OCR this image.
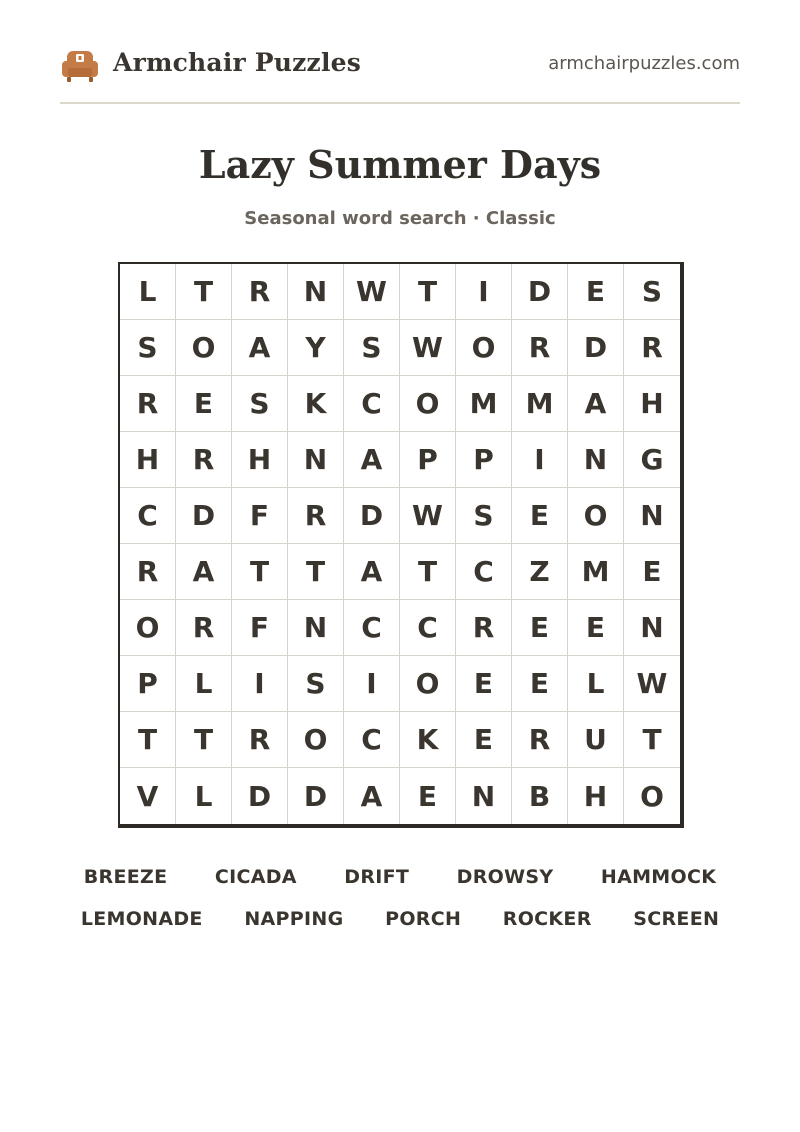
Armchair Puzzles	armchairpuzzles.com
Lazy Summer Days
Seasonal word search · Classic
L	T	R	N	W	T	I	D	E	S
S	O	A	Y	S	W	O	R	D	R
R	E	S	K	C	O	M	M	A	H
H	R	H	N	A	P	P	I	N	G
C	D	F	R	D	W	S	E	O	N
R	A	T	T	A	T	C	Z	M	E
O	R	F	N	C	C	R	E	E	N
P	L	I	S	I	O	E	E	L	W
T	T	R	O	C	K	E	R	U	T
V	L	D	D	A	E	N	B	H	O
BREEZE CICADA DRIFT DROWSY HAMMOCK
LEMONADE NAPPING PORCH ROCKER SCREEN
